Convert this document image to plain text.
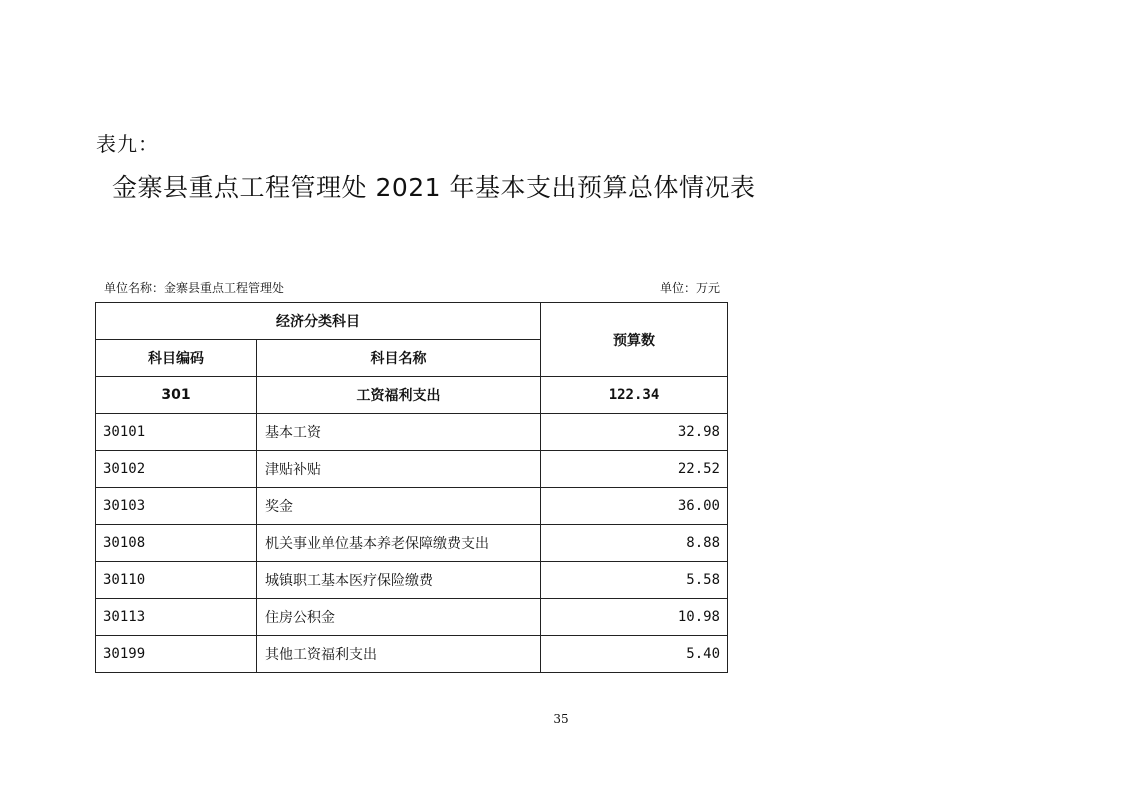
表九：
金寨县重点工程管理处 2021 年基本支出预算总体情况表
单位名称：金寨县重点工程管理处	单位：万元
经济分类科目		预算数
科目编码	科目名称	
301	工资福利支出	122.34
30101	基本工资	32.98
30102	津贴补贴	22.52
30103	奖金	36.00
30108	机关事业单位基本养老保障缴费支出	8.88
30110	城镇职工基本医疗保险缴费	5.58
30113	住房公积金	10.98
30199	其他工资福利支出	5.40
35
